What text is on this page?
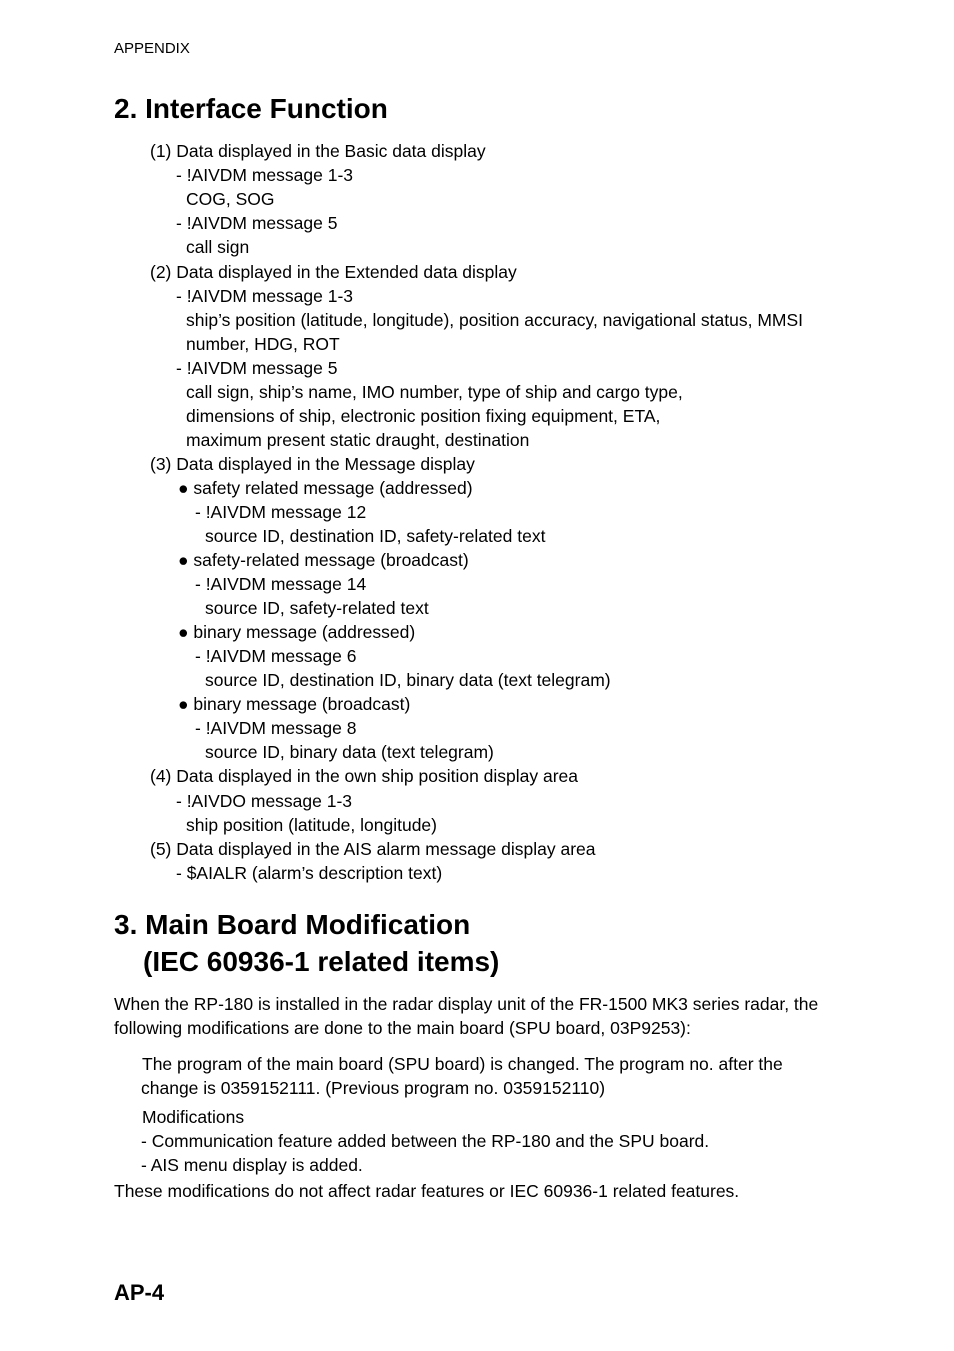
APPENDIX
2. Interface Function
(1) Data displayed in the Basic data display
- !AIVDM message 1-3
COG, SOG
- !AIVDM message 5
call sign
(2) Data displayed in the Extended data display
- !AIVDM message 1-3
ship’s position (latitude, longitude), position accuracy, navigational status, MMSI
number, HDG, ROT
- !AIVDM message 5
call sign, ship’s name, IMO number, type of ship and cargo type,
dimensions of ship, electronic position fixing equipment, ETA,
maximum present static draught, destination
(3) Data displayed in the Message display
● safety related message (addressed)
- !AIVDM message 12
source ID, destination ID, safety-related text
● safety-related message (broadcast)
- !AIVDM message 14
source ID, safety-related text
● binary message (addressed)
- !AIVDM message 6
source ID, destination ID, binary data (text telegram)
● binary message (broadcast)
- !AIVDM message 8
source ID, binary data (text telegram)
(4) Data displayed in the own ship position display area
- !AIVDO message 1-3
ship position (latitude, longitude)
(5) Data displayed in the AIS alarm message display area
- $AIALR (alarm’s description text)
3. Main Board Modification
(IEC 60936-1 related items)
When the RP-180 is installed in the radar display unit of the FR-1500 MK3 series radar, the
following modifications are done to the main board (SPU board, 03P9253):
The program of the main board (SPU board) is changed. The program no. after the
change is 0359152111. (Previous program no. 0359152110)
Modifications
- Communication feature added between the RP-180 and the SPU board.
- AIS menu display is added.
These modifications do not affect radar features or IEC 60936-1 related features.
AP-4
